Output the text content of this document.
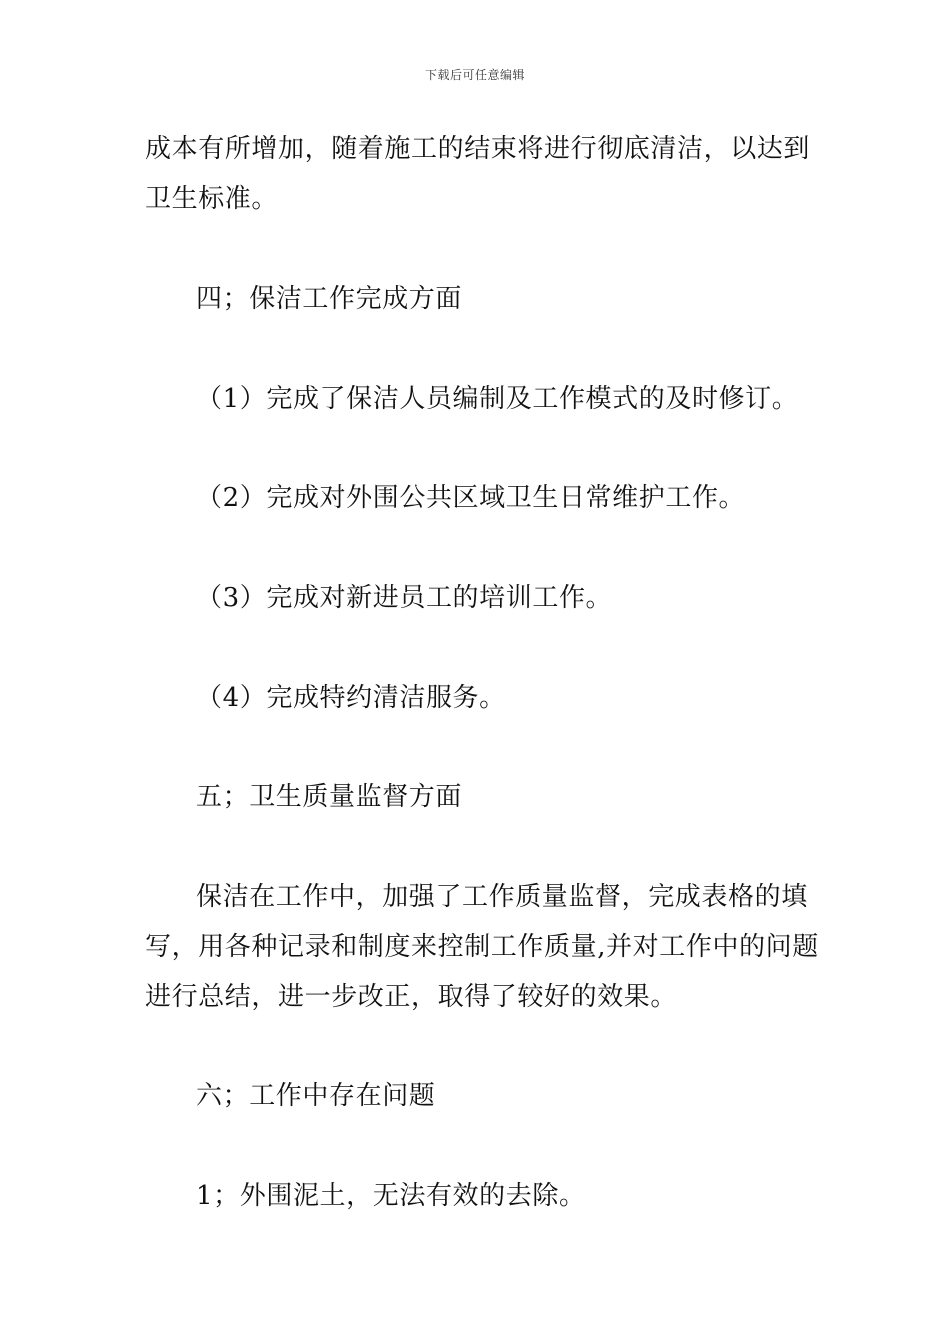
下载后可任意编辑
成本有所增加，随着施工的结束将进行彻底清洁，以达到
卫生标准。
四；保洁工作完成方面
（1）完成了保洁人员编制及工作模式的及时修订。
（2）完成对外围公共区域卫生日常维护工作。
（3）完成对新进员工的培训工作。
（4）完成特约清洁服务。
五；卫生质量监督方面
保洁在工作中，加强了工作质量监督，完成表格的填
写，用各种记录和制度来控制工作质量,并对工作中的问题
进行总结，进一步改正，取得了较好的效果。
六；工作中存在问题
1；外围泥土，无法有效的去除。
